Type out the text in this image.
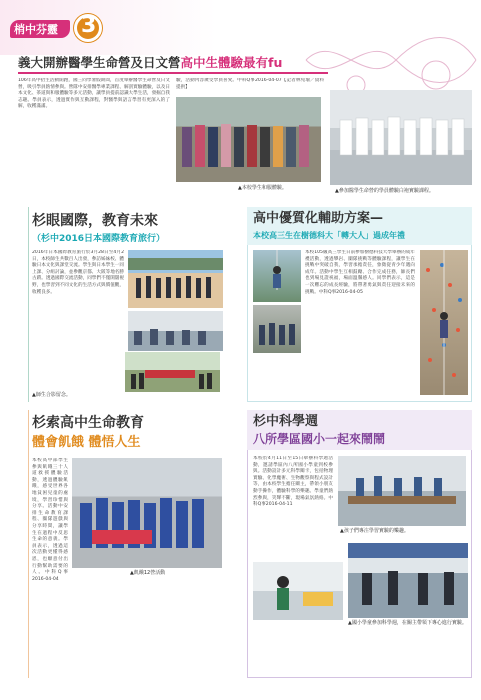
梢中芬靈 3
義大開辦醫學生命營及日文營高中生體驗最有fu
106年高中招生活動開跑，國三同學暑假期間，首度舉辦醫學生命營及日文營，吸引學員熱情參與。營隊中安排醫學專業課程、解剖實驗體驗，以及日本文化、茶道與和服體驗等多元活動，讓學員提前認識大學生活，發掘自我志趣。學員表示，透過實作與互動課程，對醫學與語言學習有更深入的了解，收穫滿滿。
驗，活動內容廣受學員喜愛。中科Q事2016-04-07【記者林宛瑜／資料提供】
▲本校學生和服體驗。	▲參加醫學生命營的學員體驗白袍實驗課程。
杉眼國際，教育未來
（杉中2016日本國際教育旅行）
2016年日本國際教育旅行於3月28日至4月2日，本校師生共數百人出發，參訪姊妹校、體驗日本文化與課堂交流。學生與日本學生一同上課、分組討論，並參觀京都、大阪等地名勝古蹟。透過國際交流活動，同學們不僅開闊視野，也學習到不同文化的生活方式與價值觀，收穫良多。
▲師生合影留念。
高中優質化輔助方案—
本校高三生在樹德科大「轉大人」過成年禮
本校105級高三學生日前參加樹德科技大學舉辦的成年禮活動，透過攀岩、團隊挑戰等體驗課程，讓學生在挑戰中突破自我，學習承擔責任，象徵從青少年邁向成年。活動中學生互相鼓勵、合作完成任務，師長們也到場見證祝福，場面溫馨感人。同學們表示，這是一次難忘的成長經驗，將帶著勇氣與責任迎接未來的挑戰。中科Q事2016-04-05
杉索高中生命教育
體會飢餓 體悟人生
本校高中部學生參與飢餓三十人道救援體驗活動，透過體驗飢餓，感受世界各地貧困兒童的處境，學習珍惜與分享。活動中安排生命教育課程、團隊遊戲與分享時間，讓學生在過程中反思生命的意義。學員表示，透過這次活動更懂得感恩，也願意付出行動幫助需要的人。中科Q事2016-04-04
▲飢餓12營活動
杉中科學週
八所學區國小一起來鬧鬧
本校於4月11日至15日舉辦科學週活動，邀請學區內八所國小學童到校參與。活動設計多元科學關卡，包括物理實驗、化學魔術、生物觀察與程式設計等，由本校學生擔任關主，帶領小朋友動手操作，體驗科學的樂趣。學童們熱烈參與，笑聲不斷，現場氣氛熱絡。中科Q事2016-04-11
▲孩子們專注學習實驗的樂趣。
▲國小學童參加科學週，在關主帶領下專心進行實驗。
